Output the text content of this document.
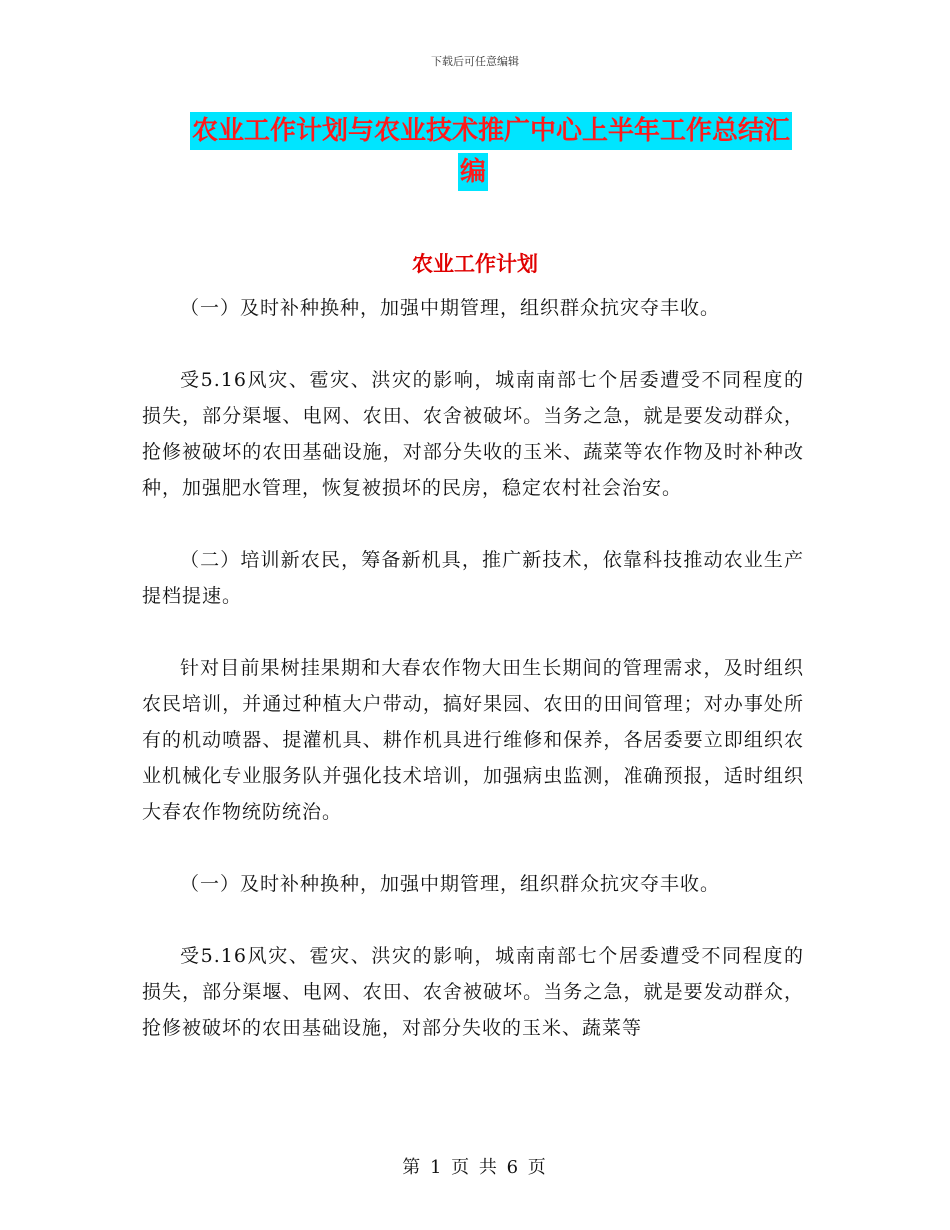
下载后可任意编辑
农业工作计划与农业技术推广中心上半年工作总结汇
编
农业工作计划

（一）及时补种换种，加强中期管理，组织群众抗灾夺丰收。

受5.16风灾、雹灾、洪灾的影响，城南南部七个居委遭受不同程度的损失，部分渠堰、电网、农田、农舍被破坏。当务之急，就是要发动群众，抢修被破坏的农田基础设施，对部分失收的玉米、蔬菜等农作物及时补种改种，加强肥水管理，恢复被损坏的民房，稳定农村社会治安。

（二）培训新农民，筹备新机具，推广新技术，依靠科技推动农业生产提档提速。

针对目前果树挂果期和大春农作物大田生长期间的管理需求，及时组织农民培训，并通过种植大户带动，搞好果园、农田的田间管理；对办事处所有的机动喷器、提灌机具、耕作机具进行维修和保养，各居委要立即组织农业机械化专业服务队并强化技术培训，加强病虫监测，准确预报，适时组织大春农作物统防统治。

（一）及时补种换种，加强中期管理，组织群众抗灾夺丰收。

受5.16风灾、雹灾、洪灾的影响，城南南部七个居委遭受不同程度的损失，部分渠堰、电网、农田、农舍被破坏。当务之急，就是要发动群众，抢修被破坏的农田基础设施，对部分失收的玉米、蔬菜等

第 1 页 共 6 页
